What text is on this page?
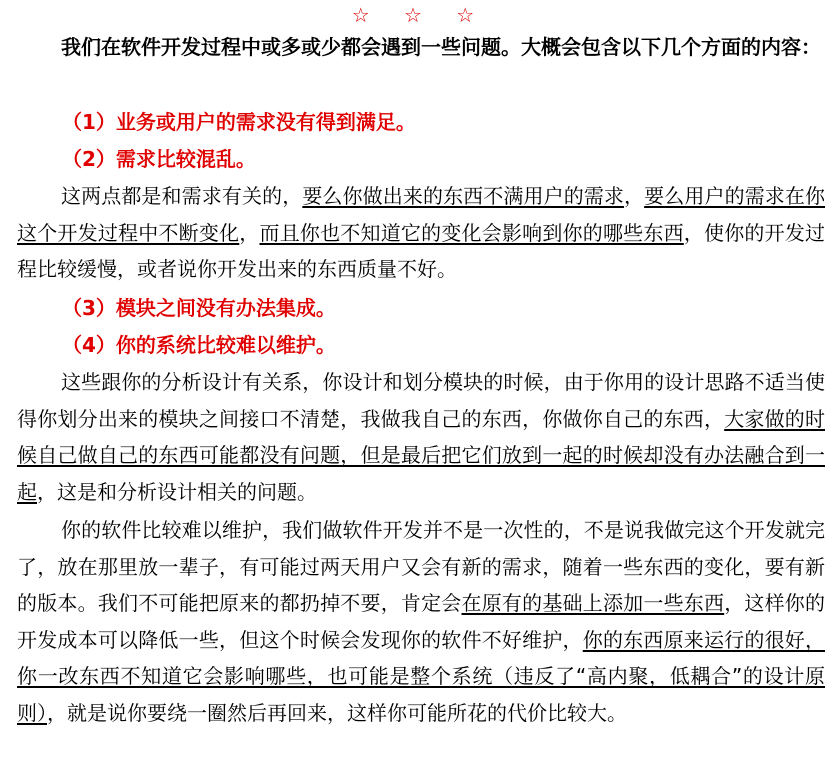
☆ ☆ ☆
我们在软件开发过程中或多或少都会遇到一些问题。大概会包含以下几个方面的内容：
（1）业务或用户的需求没有得到满足。
（2）需求比较混乱。
这两点都是和需求有关的，要么你做出来的东西不满用户的需求，要么用户的需求在你这个开发过程中不断变化，而且你也不知道它的变化会影响到你的哪些东西，使你的开发过程比较缓慢，或者说你开发出来的东西质量不好。
（3）模块之间没有办法集成。
（4）你的系统比较难以维护。
这些跟你的分析设计有关系，你设计和划分模块的时候，由于你用的设计思路不适当使得你划分出来的模块之间接口不清楚，我做我自己的东西，你做你自己的东西，大家做的时候自己做自己的东西可能都没有问题，但是最后把它们放到一起的时候却没有办法融合到一起，这是和分析设计相关的问题。
你的软件比较难以维护，我们做软件开发并不是一次性的，不是说我做完这个开发就完了，放在那里放一辈子，有可能过两天用户又会有新的需求，随着一些东西的变化，要有新的版本。我们不可能把原来的都扔掉不要，肯定会在原有的基础上添加一些东西，这样你的开发成本可以降低一些，但这个时候会发现你的软件不好维护，你的东西原来运行的很好，你一改东西不知道它会影响哪些，也可能是整个系统（违反了“高内聚，低耦合”的设计原则），就是说你要绕一圈然后再回来，这样你可能所花的代价比较大。
